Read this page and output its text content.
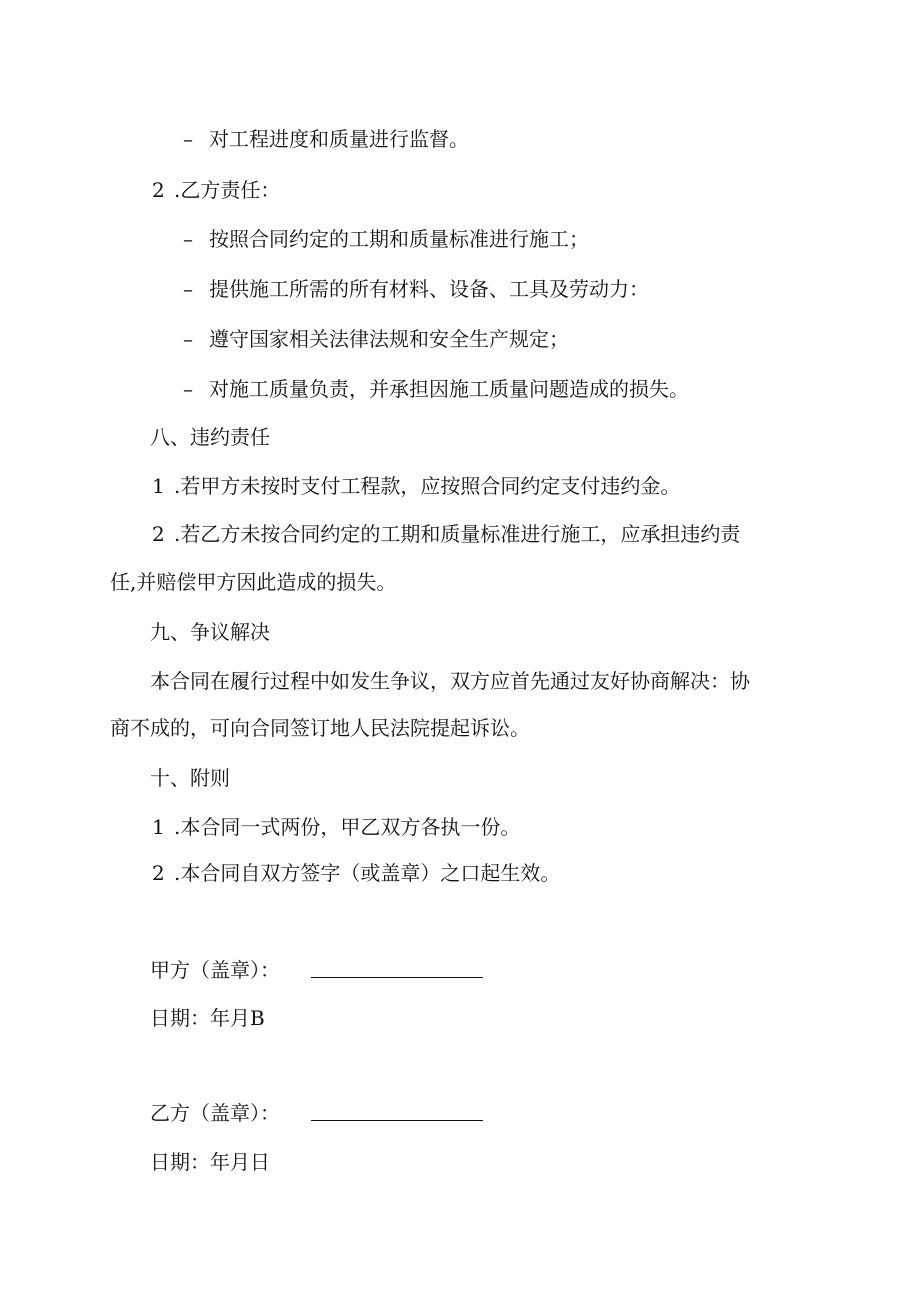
– 对工程进度和质量进行监督。
2 .乙方责任：
– 按照合同约定的工期和质量标准进行施工；
– 提供施工所需的所有材料、设备、工具及劳动力：
– 遵守国家相关法律法规和安全生产规定；
– 对施工质量负责，并承担因施工质量问题造成的损失。
八、违约责任
1 .若甲方未按时支付工程款，应按照合同约定支付违约金。
2 .若乙方未按合同约定的工期和质量标准进行施工，应承担违约责
任,并赔偿甲方因此造成的损失。
九、争议解决
本合同在履行过程中如发生争议，双方应首先通过友好协商解决：协
商不成的，可向合同签订地人民法院提起诉讼。
十、附则
1 .本合同一式两份，甲乙双方各执一份。
2 .本合同自双方签字（或盖章）之口起生效。
甲方（盖章）：
日期：年月B
乙方（盖章）：
日期：年月日
